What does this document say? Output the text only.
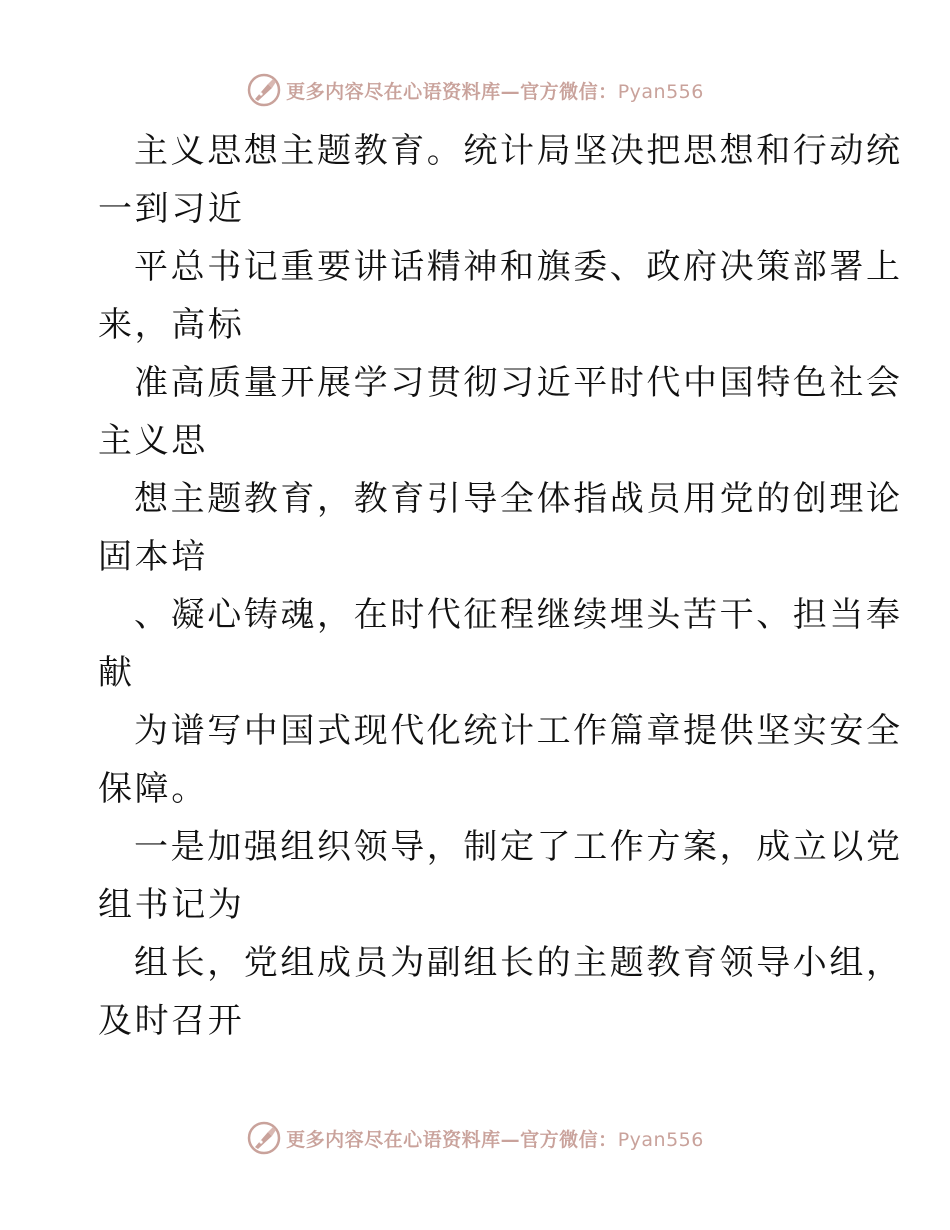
更多内容尽在心语资料库—官方微信：Pyan556
主义思想主题教育。统计局坚决把思想和行动统
一到习近
平总书记重要讲话精神和旗委、政府决策部署上
来，高标
准高质量开展学习贯彻习近平时代中国特色社会
主义思
想主题教育，教育引导全体指战员用党的创理论
固本培
、凝心铸魂，在时代征程继续埋头苦干、担当奉
献
为谱写中国式现代化统计工作篇章提供坚实安全
保障。
一是加强组织领导，制定了工作方案，成立以党
组书记为
组长，党组成员为副组长的主题教育领导小组，
及时召开
更多内容尽在心语资料库—官方微信：Pyan556
